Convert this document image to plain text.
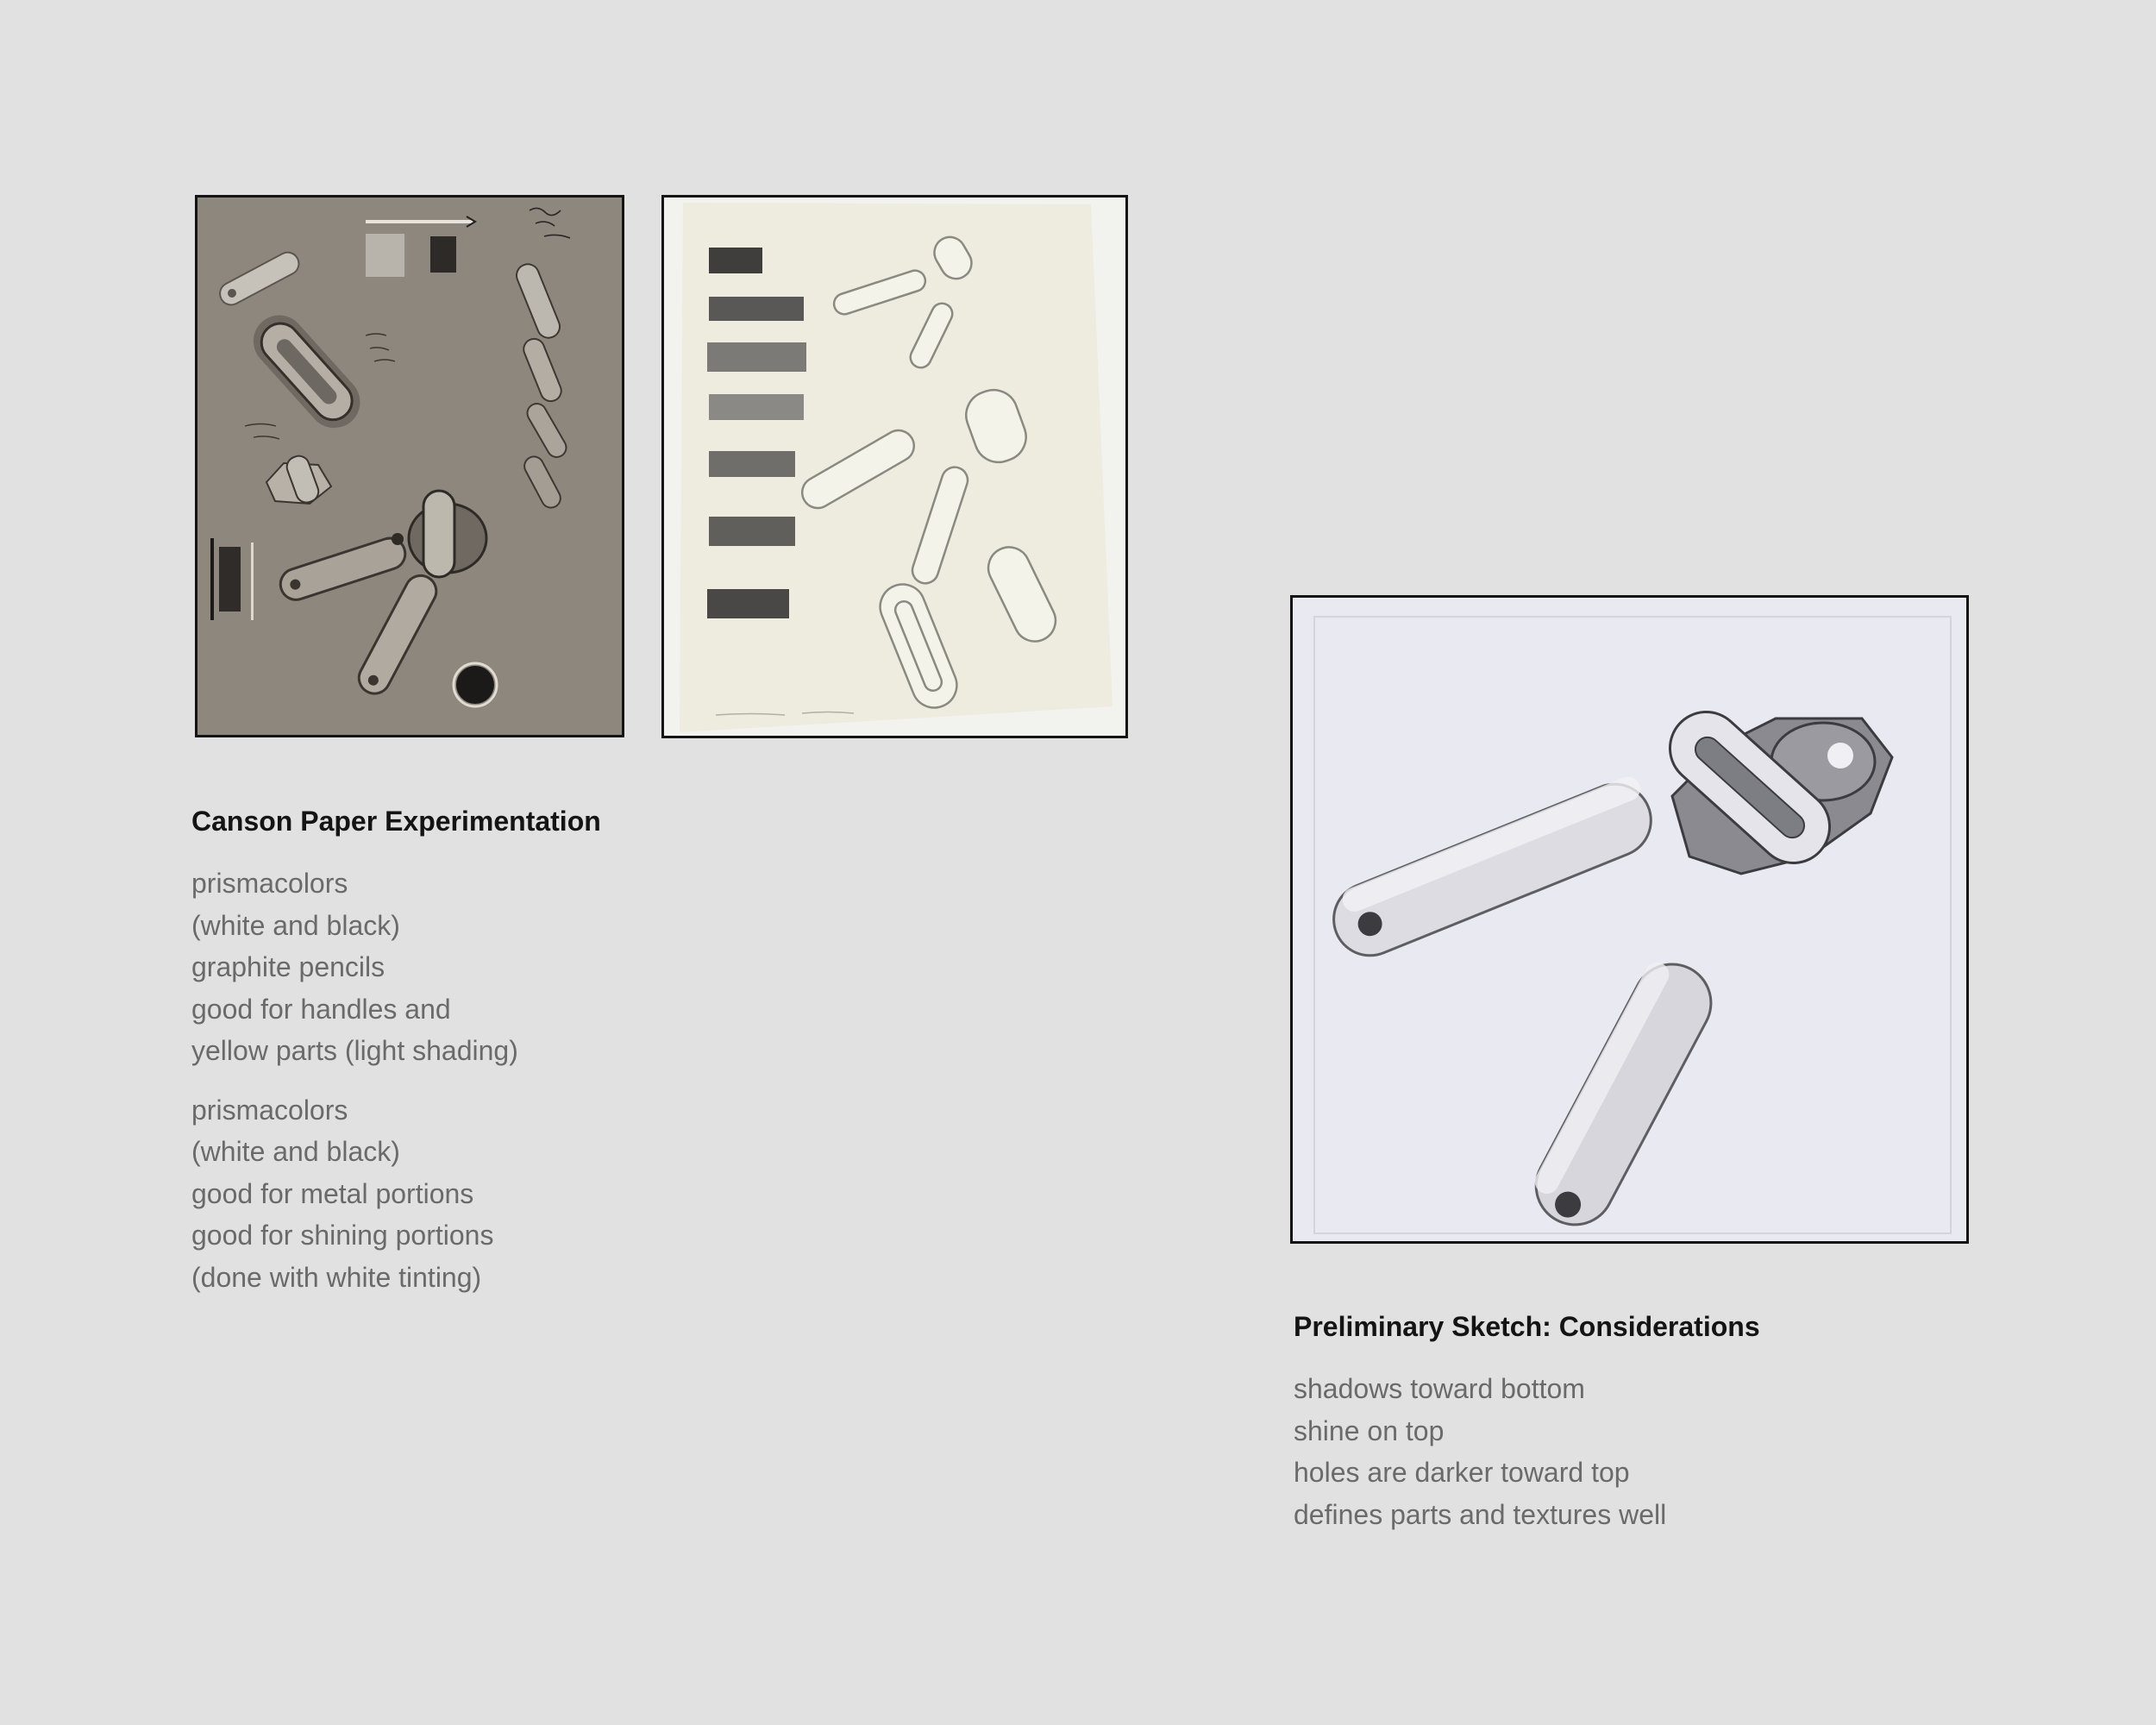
Canson Paper Experimentation
prismacolors
(white and black)
graphite pencils
good for handles and
yellow parts (light shading)
prismacolors
(white and black)
good for metal portions
good for shining portions
(done with white tinting)
Preliminary Sketch: Considerations
shadows toward bottom
shine on top
holes are darker toward top
defines parts and textures well
